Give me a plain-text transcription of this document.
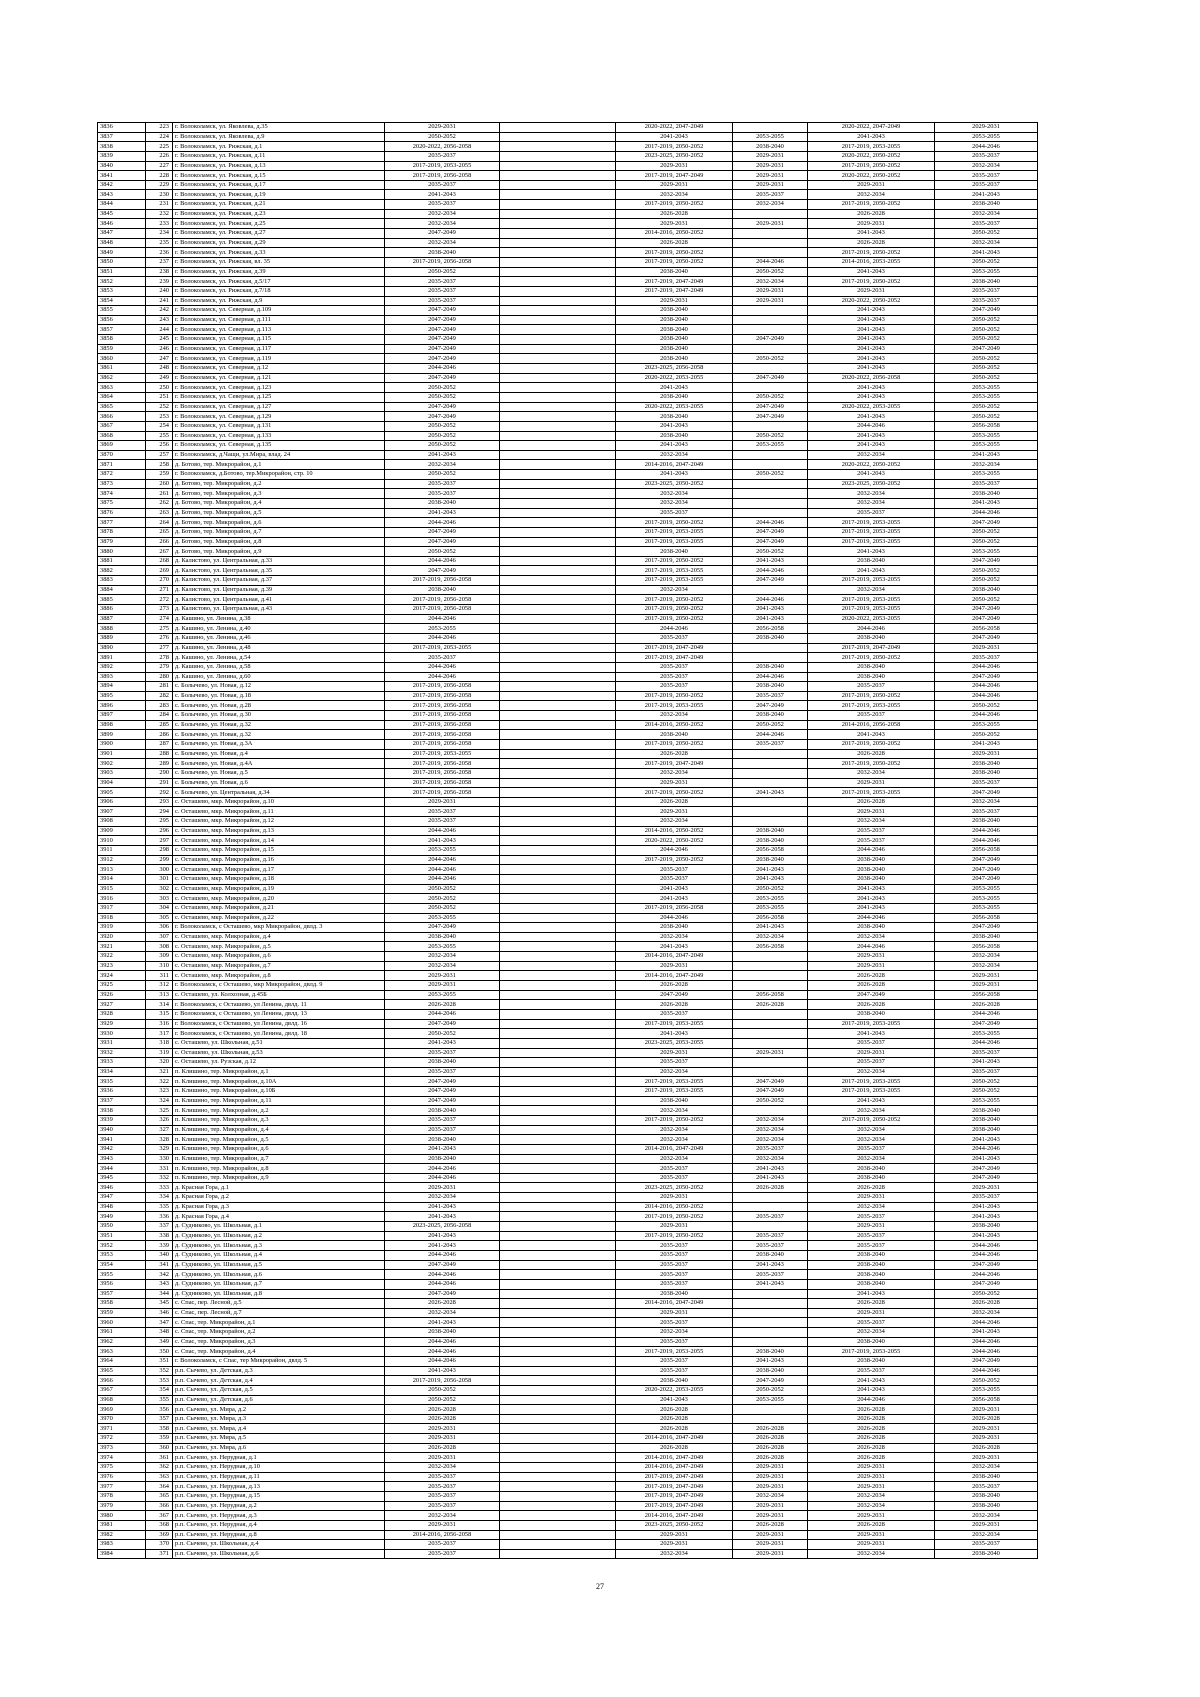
3836	223	г. Волоколамск, ул. Яковлева, д.35	2029-2031		2020-2022, 2047-2049		2020-2022, 2047-2049	2029-2031
3837	224	г. Волоколамск, ул. Яковлева, д.9	2050-2052		2041-2043	2053-2055	2041-2043	2053-2055
3838	225	г. Волоколамск, ул. Рижская, д.1	2020-2022, 2056-2058		2017-2019, 2050-2052	2038-2040	2017-2019, 2053-2055	2044-2046
3839	226	г. Волоколамск, ул. Рижская, д.11	2035-2037		2023-2025, 2050-2052	2029-2031	2020-2022, 2050-2052	2035-2037
3840	227	г. Волоколамск, ул. Рижская, д.13	2017-2019, 2053-2055		2029-2031	2029-2031	2017-2019, 2050-2052	2032-2034
3841	228	г. Волоколамск, ул. Рижская, д.15	2017-2019, 2056-2058		2017-2019, 2047-2049	2029-2031	2020-2022, 2050-2052	2035-2037
3842	229	г. Волоколамск, ул. Рижская, д.17	2035-2037		2029-2031	2029-2031	2029-2031	2035-2037
3843	230	г. Волоколамск, ул. Рижская, д.19	2041-2043		2032-2034	2035-2037	2032-2034	2041-2043
3844	231	г. Волоколамск, ул. Рижская, д.21	2035-2037		2017-2019, 2050-2052	2032-2034	2017-2019, 2050-2052	2038-2040
3845	232	г. Волоколамск, ул. Рижская, д.23	2032-2034		2026-2028		2026-2028	2032-2034
3846	233	г. Волоколамск, ул. Рижская, д.25	2032-2034		2029-2031	2029-2031	2029-2031	2035-2037
3847	234	г. Волоколамск, ул. Рижская, д.27	2047-2049		2014-2016, 2050-2052		2041-2043	2050-2052
3848	235	г. Волоколамск, ул. Рижская, д.29	2032-2034		2026-2028		2026-2028	2032-2034
3849	236	г. Волоколамск, ул. Рижская, д.33	2038-2040		2017-2019, 2050-2052		2017-2019, 2050-2052	2041-2043
3850	237	г. Волоколамск, ул. Рижская, вл. 35	2017-2019, 2056-2058		2017-2019, 2050-2052	2044-2046	2014-2016, 2053-2055	2050-2052
3851	238	г. Волоколамск, ул. Рижская, д.39	2050-2052		2038-2040	2050-2052	2041-2043	2053-2055
3852	239	г. Волоколамск, ул. Рижская, д.5/17	2035-2037		2017-2019, 2047-2049	2032-2034	2017-2019, 2050-2052	2038-2040
3853	240	г. Волоколамск, ул. Рижская, д.7/18	2035-2037		2017-2019, 2047-2049	2029-2031	2029-2031	2035-2037
3854	241	г. Волоколамск, ул. Рижская, д.9	2035-2037		2029-2031	2029-2031	2020-2022, 2050-2052	2035-2037
3855	242	г. Волоколамск, ул. Северная, д.109	2047-2049		2038-2040		2041-2043	2047-2049
3856	243	г. Волоколамск, ул. Северная, д.111	2047-2049		2038-2040		2041-2043	2050-2052
3857	244	г. Волоколамск, ул. Северная, д.113	2047-2049		2038-2040		2041-2043	2050-2052
3858	245	г. Волоколамск, ул. Северная, д.115	2047-2049		2038-2040	2047-2049	2041-2043	2050-2052
3859	246	г. Волоколамск, ул. Северная, д.117	2047-2049		2038-2040		2041-2043	2047-2049
3860	247	г. Волоколамск, ул. Северная, д.119	2047-2049		2038-2040	2050-2052	2041-2043	2050-2052
3861	248	г. Волоколамск, ул. Северная, д.12	2044-2046		2023-2025, 2056-2058		2041-2043	2050-2052
3862	249	г. Волоколамск, ул. Северная, д.121	2047-2049		2020-2022, 2053-2055	2047-2049	2020-2022, 2056-2058	2050-2052
3863	250	г. Волоколамск, ул. Северная, д.123	2050-2052		2041-2043		2041-2043	2053-2055
3864	251	г. Волоколамск, ул. Северная, д.125	2050-2052		2038-2040	2050-2052	2041-2043	2053-2055
3865	252	г. Волоколамск, ул. Северная, д.127	2047-2049		2020-2022, 2053-2055	2047-2049	2020-2022, 2053-2055	2050-2052
3866	253	г. Волоколамск, ул. Северная, д.129	2047-2049		2038-2040	2047-2049	2041-2043	2050-2052
3867	254	г. Волоколамск, ул. Северная, д.131	2050-2052		2041-2043		2044-2046	2056-2058
3868	255	г. Волоколамск, ул. Северная, д.133	2050-2052		2038-2040	2050-2052	2041-2043	2053-2055
3869	256	г. Волоколамск, ул. Северная, д.135	2050-2052		2041-2043	2053-2055	2041-2043	2053-2055
3870	257	г. Волоколамск, д.Чащи, ул.Мира, влад. 24	2041-2043		2032-2034		2032-2034	2041-2043
3871	258	д. Ботово, тер. Микрорайон, д.1	2032-2034		2014-2016, 2047-2049		2020-2022, 2050-2052	2032-2034
3872	259	г. Волоколамск, д.Ботово, тер.Микрорайон, стр. 10	2050-2052		2041-2043	2050-2052	2041-2043	2053-2055
3873	260	д. Ботово, тер. Микрорайон, д.2	2035-2037		2023-2025, 2050-2052		2023-2025, 2050-2052	2035-2037
3874	261	д. Ботово, тер. Микрорайон, д.3	2035-2037		2032-2034		2032-2034	2038-2040
3875	262	д. Ботово, тер. Микрорайон, д.4	2038-2040		2032-2034		2032-2034	2041-2043
3876	263	д. Ботово, тер. Микрорайон, д.5	2041-2043		2035-2037		2035-2037	2044-2046
3877	264	д. Ботово, тер. Микрорайон, д.6	2044-2046		2017-2019, 2050-2052	2044-2046	2017-2019, 2053-2055	2047-2049
3878	265	д. Ботово, тер. Микрорайон, д.7	2047-2049		2017-2019, 2053-2055	2047-2049	2017-2019, 2053-2055	2050-2052
3879	266	д. Ботово, тер. Микрорайон, д.8	2047-2049		2017-2019, 2053-2055	2047-2049	2017-2019, 2053-2055	2050-2052
3880	267	д. Ботово, тер. Микрорайон, д.9	2050-2052		2038-2040	2050-2052	2041-2043	2053-2055
3881	268	д. Калистово, ул. Центральная, д.33	2044-2046		2017-2019, 2050-2052	2041-2043	2038-2040	2047-2049
3882	269	д. Калистово, ул. Центральная, д.35	2047-2049		2017-2019, 2053-2055	2044-2046	2041-2043	2050-2052
3883	270	д. Калистово, ул. Центральная, д.37	2017-2019, 2056-2058		2017-2019, 2053-2055	2047-2049	2017-2019, 2053-2055	2050-2052
3884	271	д. Калистово, ул. Центральная, д.39	2038-2040		2032-2034		2032-2034	2038-2040
3885	272	д. Калистово, ул. Центральная, д.41	2017-2019, 2056-2058		2017-2019, 2050-2052	2044-2046	2017-2019, 2053-2055	2050-2052
3886	273	д. Калистово, ул. Центральная, д.43	2017-2019, 2056-2058		2017-2019, 2050-2052	2041-2043	2017-2019, 2053-2055	2047-2049
3887	274	д. Кашино, ул. Ленина, д.38	2044-2046		2017-2019, 2050-2052	2041-2043	2020-2022, 2053-2055	2047-2049
3888	275	д. Кашино, ул. Ленина, д.40	2053-2055		2044-2046	2056-2058	2044-2046	2056-2058
3889	276	д. Кашино, ул. Ленина, д.46	2044-2046		2035-2037	2038-2040	2038-2040	2047-2049
3890	277	д. Кашино, ул. Ленина, д.48	2017-2019, 2053-2055		2017-2019, 2047-2049		2017-2019, 2047-2049	2029-2031
3891	278	д. Кашино, ул. Ленина, д.54	2035-2037		2017-2019, 2047-2049		2017-2019, 2050-2052	2035-2037
3892	279	д. Кашино, ул. Ленина, д.58	2044-2046		2035-2037	2038-2040	2038-2040	2044-2046
3893	280	д. Кашино, ул. Ленина, д.60	2044-2046		2035-2037	2044-2046	2038-2040	2047-2049
3894	281	с. Болычево, ул. Новая, д.12	2017-2019, 2056-2058		2035-2037	2038-2040	2035-2037	2044-2046
3895	282	с. Болычево, ул. Новая, д.18	2017-2019, 2056-2058		2017-2019, 2050-2052	2035-2037	2017-2019, 2050-2052	2044-2046
3896	283	с. Болычево, ул. Новая, д.28	2017-2019, 2056-2058		2017-2019, 2053-2055	2047-2049	2017-2019, 2053-2055	2050-2052
3897	284	с. Болычево, ул. Новая, д.30	2017-2019, 2056-2058		2032-2034	2038-2040	2035-2037	2044-2046
3898	285	с. Болычево, ул. Новая, д.32	2017-2019, 2056-2058		2014-2016, 2050-2052	2050-2052	2014-2016, 2056-2058	2053-2055
3899	286	с. Болычево, ул. Новая, д.32	2017-2019, 2056-2058		2038-2040	2044-2046	2041-2043	2050-2052
3900	287	с. Болычево, ул. Новая, д.3А	2017-2019, 2056-2058		2017-2019, 2050-2052	2035-2037	2017-2019, 2050-2052	2041-2043
3901	288	с. Болычево, ул. Новая, д.4	2017-2019, 2053-2055		2026-2028		2026-2028	2029-2031
3902	289	с. Болычево, ул. Новая, д.4А	2017-2019, 2056-2058		2017-2019, 2047-2049		2017-2019, 2050-2052	2038-2040
3903	290	с. Болычево, ул. Новая, д.5	2017-2019, 2056-2058		2032-2034		2032-2034	2038-2040
3904	291	с. Болычево, ул. Новая, д.6	2017-2019, 2056-2058		2029-2031		2029-2031	2035-2037
3905	292	с. Болычево, ул. Центральная, д.34	2017-2019, 2056-2058		2017-2019, 2050-2052	2041-2043	2017-2019, 2053-2055	2047-2049
3906	293	с. Осташево, мкр. Микрорайон, д.10	2029-2031		2026-2028		2026-2028	2032-2034
3907	294	с. Осташево, мкр. Микрорайон, д.11	2035-2037		2029-2031		2029-2031	2035-2037
3908	295	с. Осташево, мкр. Микрорайон, д.12	2035-2037		2032-2034		2032-2034	2038-2040
3909	296	с. Осташево, мкр. Микрорайон, д.13	2044-2046		2014-2016, 2050-2052	2038-2040	2035-2037	2044-2046
3910	297	с. Осташево, мкр. Микрорайон, д.14	2041-2043		2020-2022, 2050-2052	2038-2040	2035-2037	2044-2046
3911	298	с. Осташево, мкр. Микрорайон, д.15	2053-2055		2044-2046	2056-2058	2044-2046	2056-2058
3912	299	с. Осташево, мкр. Микрорайон, д.16	2044-2046		2017-2019, 2050-2052	2038-2040	2038-2040	2047-2049
3913	300	с. Осташево, мкр. Микрорайон, д.17	2044-2046		2035-2037	2041-2043	2038-2040	2047-2049
3914	301	с. Осташево, мкр. Микрорайон, д.18	2044-2046		2035-2037	2041-2043	2038-2040	2047-2049
3915	302	с. Осташево, мкр. Микрорайон, д.19	2050-2052		2041-2043	2050-2052	2041-2043	2053-2055
3916	303	с. Осташево, мкр. Микрорайон, д.20	2050-2052		2041-2043	2053-2055	2041-2043	2053-2055
3917	304	с. Осташево, мкр. Микрорайон, д.21	2050-2052		2017-2019, 2056-2058	2053-2055	2041-2043	2053-2055
3918	305	с. Осташево, мкр. Микрорайон, д.22	2053-2055		2044-2046	2056-2058	2044-2046	2056-2058
3919	306	г. Волоколамск, с Осташево, мкр Микрорайон, двлд. 3	2047-2049		2038-2040	2041-2043	2038-2040	2047-2049
3920	307	с. Осташево, мкр. Микрорайон, д.4	2038-2040		2032-2034	2032-2034	2032-2034	2038-2040
3921	308	с. Осташево, мкр. Микрорайон, д.5	2053-2055		2041-2043	2056-2058	2044-2046	2056-2058
3922	309	с. Осташево, мкр. Микрорайон, д.6	2032-2034		2014-2016, 2047-2049		2029-2031	2032-2034
3923	310	с. Осташево, мкр. Микрорайон, д.7	2032-2034		2029-2031		2029-2031	2032-2034
3924	311	с. Осташево, мкр. Микрорайон, д.8	2029-2031		2014-2016, 2047-2049		2026-2028	2029-2031
3925	312	г. Волоколамск, с Осташево, мкр Микрорайон, двлд. 9	2029-2031		2026-2028		2026-2028	2029-2031
3926	313	с. Осташево, ул. Колхозная, д.45Б	2053-2055		2047-2049	2056-2058	2047-2049	2056-2058
3927	314	г. Волоколамск, с Осташево, ул Ленина, двлд. 11	2026-2028		2026-2028	2026-2028	2026-2028	2026-2028
3928	315	г. Волоколамск, с Осташево, ул Ленина, двлд. 13	2044-2046		2035-2037		2038-2040	2044-2046
3929	316	г. Волоколамск, с Осташево, ул Ленина, двлд. 16	2047-2049		2017-2019, 2053-2055		2017-2019, 2053-2055	2047-2049
3930	317	г. Волоколамск, с Осташево, ул Ленина, двлд. 18	2050-2052		2041-2043		2041-2043	2053-2055
3931	318	с. Осташево, ул. Школьная, д.51	2041-2043		2023-2025, 2053-2055		2035-2037	2044-2046
3932	319	с. Осташево, ул. Школьная, д.53	2035-2037		2029-2031	2029-2031	2029-2031	2035-2037
3933	320	с. Осташево, ул. Рузская, д.12	2038-2040		2035-2037		2035-2037	2041-2043
3934	321	п. Клишино, тер. Микрорайон, д.1	2035-2037		2032-2034		2032-2034	2035-2037
3935	322	п. Клишино, тер. Микрорайон, д.10А	2047-2049		2017-2019, 2053-2055	2047-2049	2017-2019, 2053-2055	2050-2052
3936	323	п. Клишино, тер. Микрорайон, д.10Б	2047-2049		2017-2019, 2053-2055	2047-2049	2017-2019, 2053-2055	2050-2052
3937	324	п. Клишино, тер. Микрорайон, д.11	2047-2049		2038-2040	2050-2052	2041-2043	2053-2055
3938	325	п. Клишино, тер. Микрорайон, д.2	2038-2040		2032-2034		2032-2034	2038-2040
3939	326	п. Клишино, тер. Микрорайон, д.3	2035-2037		2017-2019, 2050-2052	2032-2034	2017-2019, 2050-2052	2038-2040
3940	327	п. Клишино, тер. Микрорайон, д.4	2035-2037		2032-2034	2032-2034	2032-2034	2038-2040
3941	328	п. Клишино, тер. Микрорайон, д.5	2038-2040		2032-2034	2032-2034	2032-2034	2041-2043
3942	329	п. Клишино, тер. Микрорайон, д.6	2041-2043		2014-2016, 2047-2049	2035-2037	2035-2037	2044-2046
3943	330	п. Клишино, тер. Микрорайон, д.7	2038-2040		2032-2034	2032-2034	2032-2034	2041-2043
3944	331	п. Клишино, тер. Микрорайон, д.8	2044-2046		2035-2037	2041-2043	2038-2040	2047-2049
3945	332	п. Клишино, тер. Микрорайон, д.9	2044-2046		2035-2037	2041-2043	2038-2040	2047-2049
3946	333	д. Красная Гора, д.1	2029-2031		2023-2025, 2050-2052	2026-2028	2026-2028	2029-2031
3947	334	д. Красная Гора, д.2	2032-2034		2029-2031		2029-2031	2035-2037
3948	335	д. Красная Гора, д.3	2041-2043		2014-2016, 2050-2052		2032-2034	2041-2043
3949	336	д. Красная Гора, д.4	2041-2043		2017-2019, 2050-2052	2035-2037	2035-2037	2041-2043
3950	337	д. Судниково, ул. Школьная, д.1	2023-2025, 2056-2058		2029-2031		2029-2031	2038-2040
3951	338	д. Судниково, ул. Школьная, д.2	2041-2043		2017-2019, 2050-2052	2035-2037	2035-2037	2041-2043
3952	339	д. Судниково, ул. Школьная, д.3	2041-2043		2035-2037	2035-2037	2035-2037	2044-2046
3953	340	д. Судниково, ул. Школьная, д.4	2044-2046		2035-2037	2038-2040	2038-2040	2044-2046
3954	341	д. Судниково, ул. Школьная, д.5	2047-2049		2035-2037	2041-2043	2038-2040	2047-2049
3955	342	д. Судниково, ул. Школьная, д.6	2044-2046		2035-2037	2035-2037	2038-2040	2044-2046
3956	343	д. Судниково, ул. Школьная, д.7	2044-2046		2035-2037	2041-2043	2038-2040	2047-2049
3957	344	д. Судниково, ул. Школьная, д.8	2047-2049		2038-2040		2041-2043	2050-2052
3958	345	с. Спас, пер. Лесной, д.5	2026-2028		2014-2016, 2047-2049		2026-2028	2026-2028
3959	346	с. Спас, пер. Лесной, д.7	2032-2034		2029-2031		2029-2031	2032-2034
3960	347	с. Спас, тер. Микрорайон, д.1	2041-2043		2035-2037		2035-2037	2044-2046
3961	348	с. Спас, тер. Микрорайон, д.2	2038-2040		2032-2034		2032-2034	2041-2043
3962	349	с. Спас, тер. Микрорайон, д.3	2044-2046		2035-2037		2038-2040	2044-2046
3963	350	с. Спас, тер. Микрорайон, д.4	2044-2046		2017-2019, 2053-2055	2038-2040	2017-2019, 2053-2055	2044-2046
3964	351	г. Волоколамск, с Спас, тер Микрорайон, двлд. 5	2044-2046		2035-2037	2041-2043	2038-2040	2047-2049
3965	352	р.п. Сычево, ул. Детская, д.3	2041-2043		2035-2037	2038-2040	2035-2037	2044-2046
3966	353	р.п. Сычево, ул. Детская, д.4	2017-2019, 2056-2058		2038-2040	2047-2049	2041-2043	2050-2052
3967	354	р.п. Сычево, ул. Детская, д.5	2050-2052		2020-2022, 2053-2055	2050-2052	2041-2043	2053-2055
3968	355	р.п. Сычево, ул. Детская, д.6	2050-2052		2041-2043	2053-2055	2044-2046	2056-2058
3969	356	р.п. Сычево, ул. Мира, д.2	2026-2028		2026-2028		2026-2028	2029-2031
3970	357	р.п. Сычево, ул. Мира, д.3	2026-2028		2026-2028		2026-2028	2026-2028
3971	358	р.п. Сычево, ул. Мира, д.4	2029-2031		2026-2028	2026-2028	2026-2028	2029-2031
3972	359	р.п. Сычево, ул. Мира, д.5	2029-2031		2014-2016, 2047-2049	2026-2028	2026-2028	2029-2031
3973	360	р.п. Сычево, ул. Мира, д.6	2026-2028		2026-2028	2026-2028	2026-2028	2026-2028
3974	361	р.п. Сычево, ул. Нерудная, д.1	2029-2031		2014-2016, 2047-2049	2026-2028	2026-2028	2029-2031
3975	362	р.п. Сычево, ул. Нерудная, д.10	2032-2034		2014-2016, 2047-2049	2029-2031	2029-2031	2032-2034
3976	363	р.п. Сычево, ул. Нерудная, д.11	2035-2037		2017-2019, 2047-2049	2029-2031	2029-2031	2038-2040
3977	364	р.п. Сычево, ул. Нерудная, д.13	2035-2037		2017-2019, 2047-2049	2029-2031	2029-2031	2035-2037
3978	365	р.п. Сычево, ул. Нерудная, д.15	2035-2037		2017-2019, 2047-2049	2032-2034	2032-2034	2038-2040
3979	366	р.п. Сычево, ул. Нерудная, д.2	2035-2037		2017-2019, 2047-2049	2029-2031	2032-2034	2038-2040
3980	367	р.п. Сычево, ул. Нерудная, д.3	2032-2034		2014-2016, 2047-2049	2029-2031	2029-2031	2032-2034
3981	368	р.п. Сычево, ул. Нерудная, д.4	2029-2031		2023-2025, 2050-2052	2026-2028	2026-2028	2029-2031
3982	369	р.п. Сычево, ул. Нерудная, д.8	2014-2016, 2056-2058		2029-2031	2029-2031	2029-2031	2032-2034
3983	370	р.п. Сычево, ул. Школьная, д.4	2035-2037		2029-2031	2029-2031	2029-2031	2035-2037
3984	371	р.п. Сычево, ул. Школьная, д.6	2035-2037		2032-2034	2029-2031	2032-2034	2038-2040
27
